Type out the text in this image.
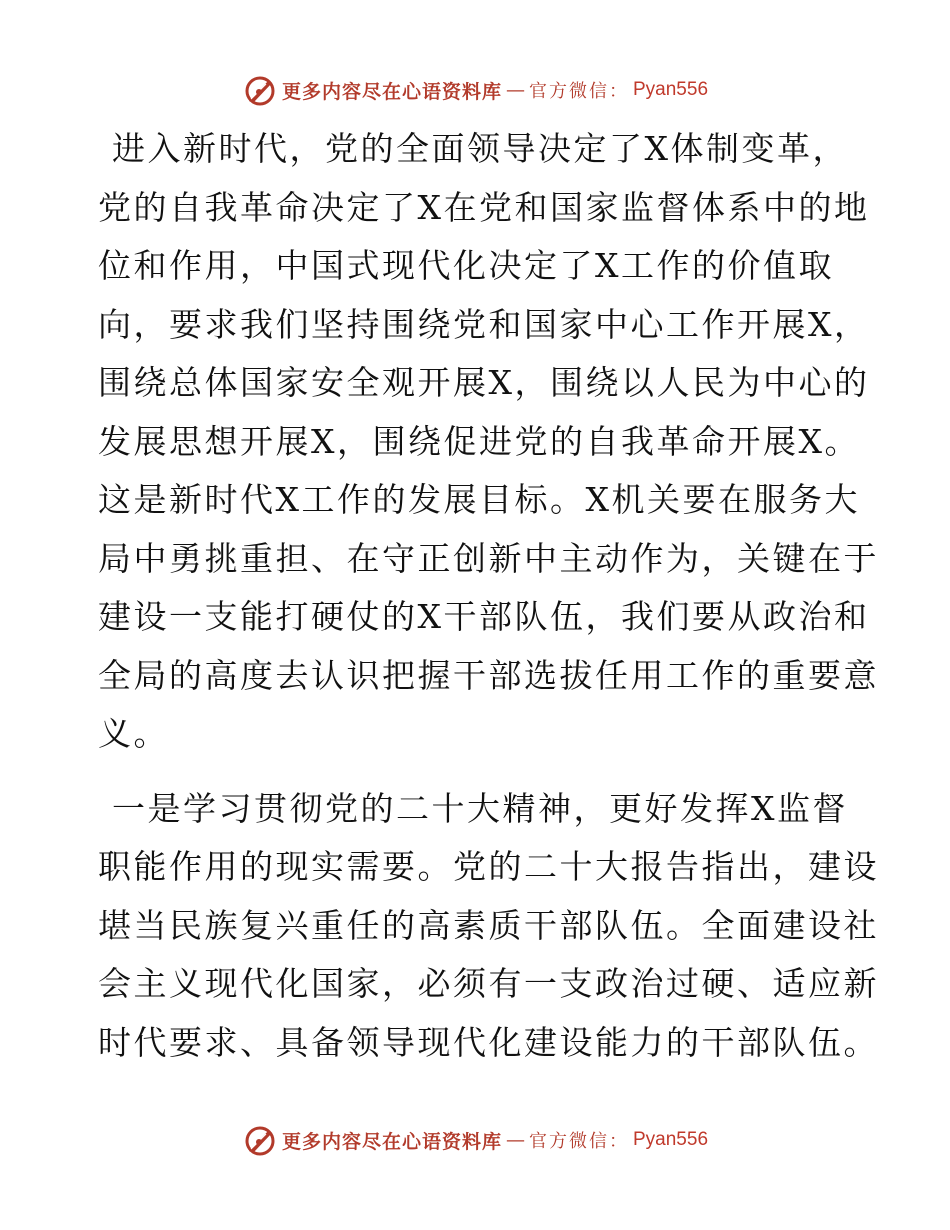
更多内容尽在心语资料库 — 官方微信： Pyan556

进入新时代，党的全面领导决定了X体制变革，
党的自我革命决定了X在党和国家监督体系中的地
位和作用，中国式现代化决定了X工作的价值取
向，要求我们坚持围绕党和国家中心工作开展X，
围绕总体国家安全观开展X，围绕以人民为中心的
发展思想开展X，围绕促进党的自我革命开展X。
这是新时代X工作的发展目标。X机关要在服务大
局中勇挑重担、在守正创新中主动作为，关键在于
建设一支能打硬仗的X干部队伍，我们要从政治和
全局的高度去认识把握干部选拔任用工作的重要意
义。

一是学习贯彻党的二十大精神，更好发挥X监督
职能作用的现实需要。党的二十大报告指出，建设
堪当民族复兴重任的高素质干部队伍。全面建设社
会主义现代化国家，必须有一支政治过硬、适应新
时代要求、具备领导现代化建设能力的干部队伍。

更多内容尽在心语资料库 — 官方微信： Pyan556
